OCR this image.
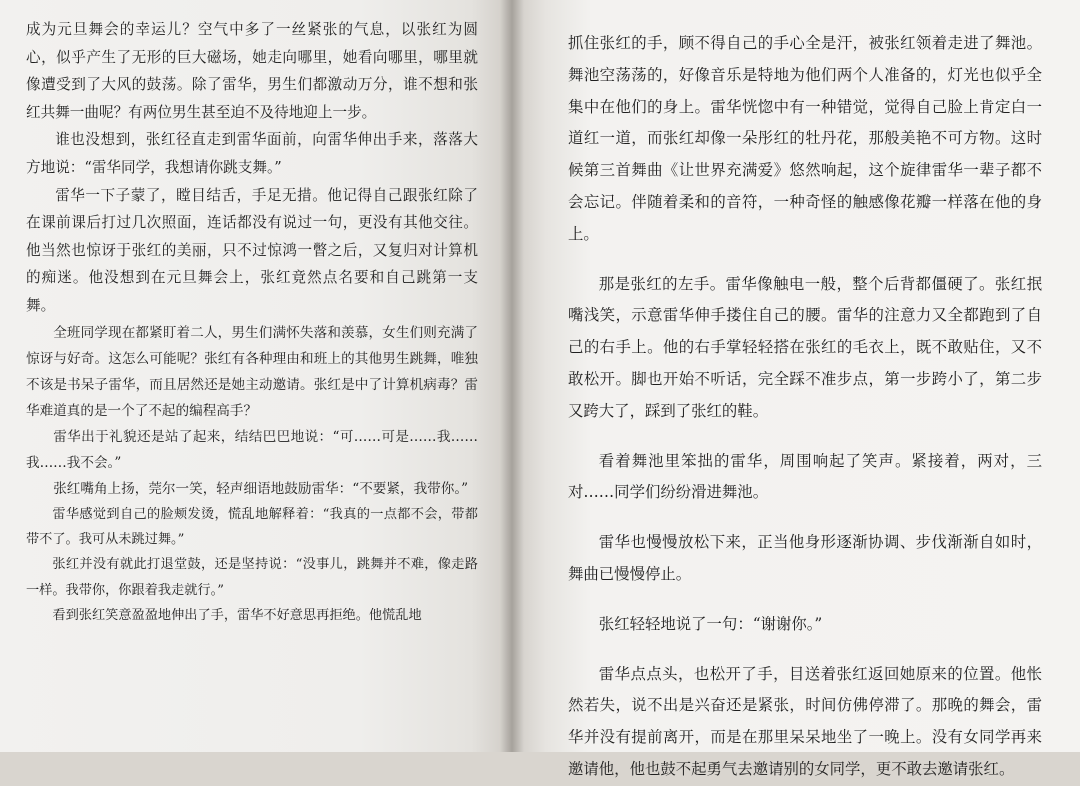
成为元旦舞会的幸运儿？空气中多了一丝紧张的气息，以张红为圆心，似乎产生了无形的巨大磁场，她走向哪里，她看向哪里，哪里就像遭受到了大风的鼓荡。除了雷华，男生们都激动万分，谁不想和张红共舞一曲呢？有两位男生甚至迫不及待地迎上一步。

谁也没想到，张红径直走到雷华面前，向雷华伸出手来，落落大方地说：“雷华同学，我想请你跳支舞。”

雷华一下子蒙了，瞠目结舌，手足无措。他记得自己跟张红除了在课前课后打过几次照面，连话都没有说过一句，更没有其他交往。他当然也惊讶于张红的美丽，只不过惊鸿一瞥之后，又复归对计算机的痴迷。他没想到在元旦舞会上，张红竟然点名要和自己跳第一支舞。

全班同学现在都紧盯着二人，男生们满怀失落和羡慕，女生们则充满了惊讶与好奇。这怎么可能呢？张红有各种理由和班上的其他男生跳舞，唯独不该是书呆子雷华，而且居然还是她主动邀请。张红是中了计算机病毒？雷华难道真的是一个了不起的编程高手？

雷华出于礼貌还是站了起来，结结巴巴地说：“可……可是……我……我……我不会。”

张红嘴角上扬，莞尔一笑，轻声细语地鼓励雷华：“不要紧，我带你。”

雷华感觉到自己的脸颊发烫，慌乱地解释着：“我真的一点都不会，带都带不了。我可从未跳过舞。”

张红并没有就此打退堂鼓，还是坚持说：“没事儿，跳舞并不难，像走路一样。我带你，你跟着我走就行。”

看到张红笑意盈盈地伸出了手，雷华不好意思再拒绝。他慌乱地

抓住张红的手，顾不得自己的手心全是汗，被张红领着走进了舞池。舞池空荡荡的，好像音乐是特地为他们两个人准备的，灯光也似乎全集中在他们的身上。雷华恍惚中有一种错觉，觉得自己脸上肯定白一道红一道，而张红却像一朵彤红的牡丹花，那般美艳不可方物。这时候第三首舞曲《让世界充满爱》悠然响起，这个旋律雷华一辈子都不会忘记。伴随着柔和的音符，一种奇怪的触感像花瓣一样落在他的身上。

那是张红的左手。雷华像触电一般，整个后背都僵硬了。张红抿嘴浅笑，示意雷华伸手搂住自己的腰。雷华的注意力又全都跑到了自己的右手上。他的右手掌轻轻搭在张红的毛衣上，既不敢贴住，又不敢松开。脚也开始不听话，完全踩不准步点，第一步跨小了，第二步又跨大了，踩到了张红的鞋。

看着舞池里笨拙的雷华，周围响起了笑声。紧接着，两对，三对……同学们纷纷滑进舞池。

雷华也慢慢放松下来，正当他身形逐渐协调、步伐渐渐自如时，舞曲已慢慢停止。

张红轻轻地说了一句：“谢谢你。”

雷华点点头，也松开了手，目送着张红返回她原来的位置。他怅然若失，说不出是兴奋还是紧张，时间仿佛停滞了。那晚的舞会，雷华并没有提前离开，而是在那里呆呆地坐了一晚上。没有女同学再来邀请他，他也鼓不起勇气去邀请别的女同学，更不敢去邀请张红。
